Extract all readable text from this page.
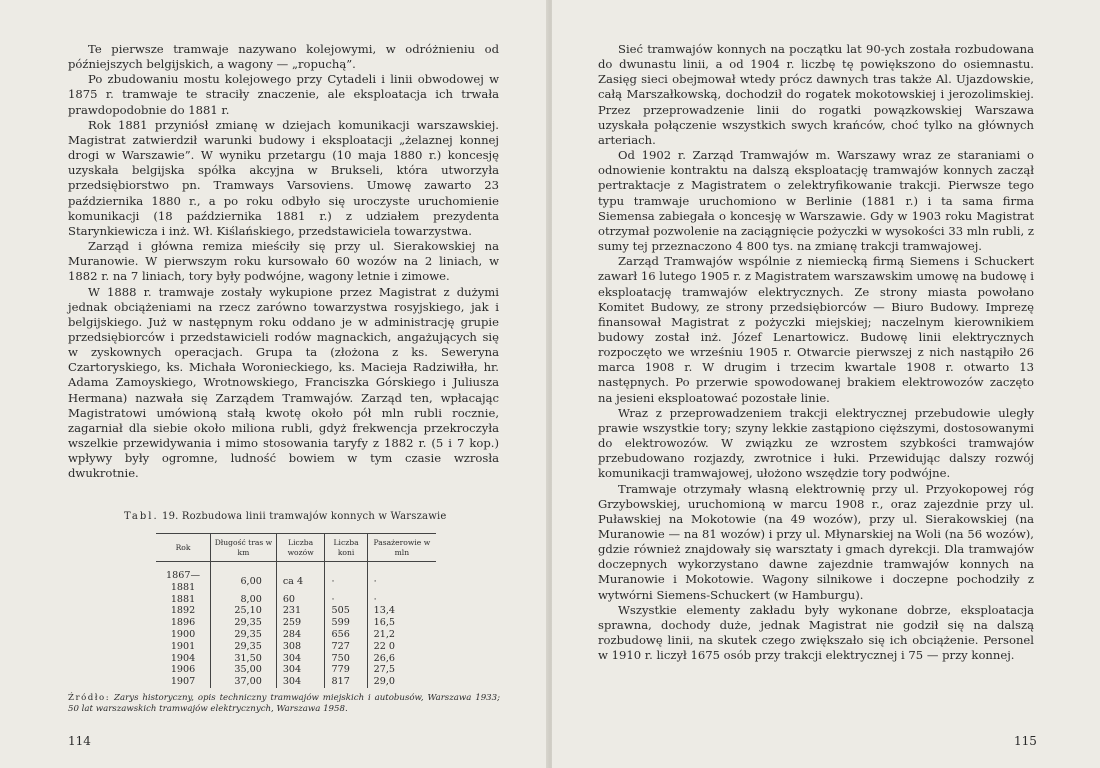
Te pierwsze tramwaje nazywano kolejowymi, w odróżnieniu od późniejszych belgijskich, a wagony — „ropuchą”.

Po zbudowaniu mostu kolejowego przy Cytadeli i linii obwodowej w 1875 r. tramwaje te straciły znaczenie, ale eksploatacja ich trwała prawdopodobnie do 1881 r.

Rok 1881 przyniósł zmianę w dziejach komunikacji warszawskiej. Magistrat zatwierdził warunki budowy i eksploatacji „żelaznej konnej drogi w Warszawie”. W wyniku przetargu (10 maja 1880 r.) koncesję uzyskała belgijska spółka akcyjna w Brukseli, która utworzyła przedsiębiorstwo pn. Tramways Varsoviens. Umowę zawarto 23 października 1880 r., a po roku odbyło się uroczyste uruchomienie komunikacji (18 października 1881 r.) z udziałem prezydenta Starynkiewicza i inż. Wł. Kiślańskiego, przedstawiciela towarzystwa.

Zarząd i główna remiza mieściły się przy ul. Sierakowskiej na Muranowie. W pierwszym roku kursowało 60 wozów na 2 liniach, w 1882 r. na 7 liniach, tory były podwójne, wagony letnie i zimowe.

W 1888 r. tramwaje zostały wykupione przez Magistrat z dużymi jednak obciążeniami na rzecz zarówno towarzystwa rosyjskiego, jak i belgijskiego. Już w następnym roku oddano je w administrację grupie przedsiębiorców i przedstawicieli rodów magnackich, angażujących się w zyskownych operacjach. Grupa ta (złożona z ks. Seweryna Czartoryskiego, ks. Michała Woronieckiego, ks. Macieja Radziwiłła, hr. Adama Zamoyskiego, Wrotnowskiego, Franciszka Górskiego i Juliusza Hermana) nazwała się Zarządem Tramwajów. Zarząd ten, wpłacając Magistratowi umówioną stałą kwotę około pół mln rubli rocznie, zagarniał dla siebie około miliona rubli, gdyż frekwencja przekroczyła wszelkie przewidywania i mimo stosowania taryfy z 1882 r. (5 i 7 kop.) wpływy były ogromne, ludność bowiem w tym czasie wzrosła dwukrotnie.

Tabl. 19. Rozbudowa linii tramwajów konnych w Warszawie
Rok	Długość tras w km	Liczba wozów	Liczba koni	Pasażerowie w mln
1867—1881	6,00	ca 4	·	·
1881	8,00	60	·	·
1892	25,10	231	505	13,4
1896	29,35	259	599	16,5
1900	29,35	284	656	21,2
1901	29,35	308	727	22 0
1904	31,50	304	750	26,6
1906	35,00	304	779	27,5
1907	37,00	304	817	29,0
Źródło: Zarys historyczny, opis techniczny tramwajów miejskich i autobusów, Warszawa 1933; 50 lat warszawskich tramwajów elektrycznych, Warszawa 1958.
114

Sieć tramwajów konnych na początku lat 90-ych została rozbudowana do dwunastu linii, a od 1904 r. liczbę tę powiększono do osiemnastu. Zasięg sieci obejmował wtedy prócz dawnych tras także Al. Ujazdowskie, całą Marszałkowską, dochodził do rogatek mokotowskiej i jerozolimskiej. Przez przeprowadzenie linii do rogatki powązkowskiej Warszawa uzyskała połączenie wszystkich swych krańców, choć tylko na głównych arteriach.

Od 1902 r. Zarząd Tramwajów m. Warszawy wraz ze staraniami o odnowienie kontraktu na dalszą eksploatację tramwajów konnych zaczął pertraktacje z Magistratem o zelektryfikowanie trakcji. Pierwsze tego typu tramwaje uruchomiono w Berlinie (1881 r.) i ta sama firma Siemensa zabiegała o koncesję w Warszawie. Gdy w 1903 roku Magistrat otrzymał pozwolenie na zaciągnięcie pożyczki w wysokości 33 mln rubli, z sumy tej przeznaczono 4 800 tys. na zmianę trakcji tramwajowej.

Zarząd Tramwajów wspólnie z niemiecką firmą Siemens i Schuckert zawarł 16 lutego 1905 r. z Magistratem warszawskim umowę na budowę i eksploatację tramwajów elektrycznych. Ze strony miasta powołano Komitet Budowy, ze strony przedsiębiorców — Biuro Budowy. Imprezę finansował Magistrat z pożyczki miejskiej; naczelnym kierownikiem budowy został inż. Józef Lenartowicz. Budowę linii elektrycznych rozpoczęto we wrześniu 1905 r. Otwarcie pierwszej z nich nastąpiło 26 marca 1908 r. W drugim i trzecim kwartale 1908 r. otwarto 13 następnych. Po przerwie spowodowanej brakiem elektrowozów zaczęto na jesieni eksploatować pozostałe linie.

Wraz z przeprowadzeniem trakcji elektrycznej przebudowie uległy prawie wszystkie tory; szyny lekkie zastąpiono cięższymi, dostosowanymi do elektrowozów. W związku ze wzrostem szybkości tramwajów przebudowano rozjazdy, zwrotnice i łuki. Przewidując dalszy rozwój komunikacji tramwajowej, ułożono wszędzie tory podwójne.

Tramwaje otrzymały własną elektrownię przy ul. Przyokopowej róg Grzybowskiej, uruchomioną w marcu 1908 r., oraz zajezdnie przy ul. Puławskiej na Mokotowie (na 49 wozów), przy ul. Sierakowskiej (na Muranowie — na 81 wozów) i przy ul. Młynarskiej na Woli (na 56 wozów), gdzie również znajdowały się warsztaty i gmach dyrekcji. Dla tramwajów doczepnych wykorzystano dawne zajezdnie tramwajów konnych na Muranowie i Mokotowie. Wagony silnikowe i doczepne pochodziły z wytwórni Siemens-Schuckert (w Hamburgu).

Wszystkie elementy zakładu były wykonane dobrze, eksploatacja sprawna, dochody duże, jednak Magistrat nie godził się na dalszą rozbudowę linii, na skutek czego zwiększało się ich obciążenie. Personel w 1910 r. liczył 1675 osób przy trakcji elektrycznej i 75 — przy konnej.

115
